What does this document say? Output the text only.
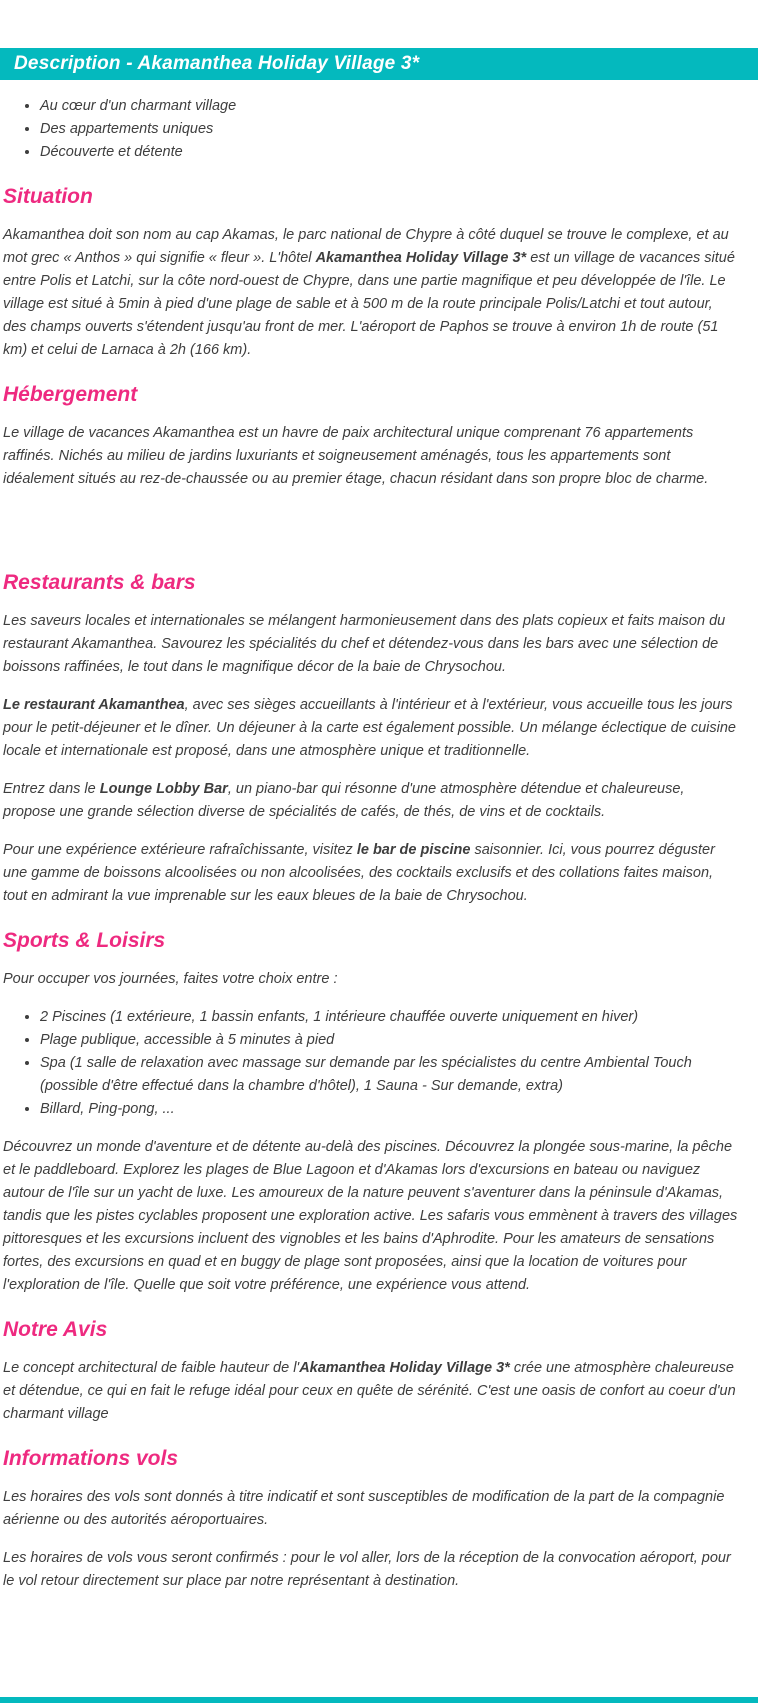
Description - Akamanthea Holiday Village 3*
• Au cœur d'un charmant village
• Des appartements uniques
• Découverte et détente
Situation

Akamanthea doit son nom au cap Akamas, le parc national de Chypre à côté duquel se trouve le complexe, et au mot grec « Anthos » qui signifie « fleur ». L'hôtel Akamanthea Holiday Village 3* est un village de vacances situé entre Polis et Latchi, sur la côte nord-ouest de Chypre, dans une partie magnifique et peu développée de l'île. Le village est situé à 5min à pied d'une plage de sable et à 500 m de la route principale Polis/Latchi et tout autour, des champs ouverts s'étendent jusqu'au front de mer. L'aéroport de Paphos se trouve à environ 1h de route (51 km) et celui de Larnaca à 2h (166 km).

Hébergement

Le village de vacances Akamanthea est un havre de paix architectural unique comprenant 76 appartements raffinés. Nichés au milieu de jardins luxuriants et soigneusement aménagés, tous les appartements sont idéalement situés au rez-de-chaussée ou au premier étage, chacun résidant dans son propre bloc de charme.

Restaurants & bars

Les saveurs locales et internationales se mélangent harmonieusement dans des plats copieux et faits maison du restaurant Akamanthea. Savourez les spécialités du chef et détendez-vous dans les bars avec une sélection de boissons raffinées, le tout dans le magnifique décor de la baie de Chrysochou.

Le restaurant Akamanthea, avec ses sièges accueillants à l'intérieur et à l'extérieur, vous accueille tous les jours pour le petit-déjeuner et le dîner. Un déjeuner à la carte est également possible. Un mélange éclectique de cuisine locale et internationale est proposé, dans une atmosphère unique et traditionnelle.

Entrez dans le Lounge Lobby Bar, un piano-bar qui résonne d'une atmosphère détendue et chaleureuse, propose une grande sélection diverse de spécialités de cafés, de thés, de vins et de cocktails.

Pour une expérience extérieure rafraîchissante, visitez le bar de piscine saisonnier. Ici, vous pourrez déguster une gamme de boissons alcoolisées ou non alcoolisées, des cocktails exclusifs et des collations faites maison, tout en admirant la vue imprenable sur les eaux bleues de la baie de Chrysochou.

Sports & Loisirs

Pour occuper vos journées, faites votre choix entre :

• 2 Piscines (1 extérieure, 1 bassin enfants, 1 intérieure chauffée ouverte uniquement en hiver)
• Plage publique, accessible à 5 minutes à pied
• Spa (1 salle de relaxation avec massage sur demande par les spécialistes du centre Ambiental Touch (possible d'être effectué dans la chambre d'hôtel), 1 Sauna - Sur demande, extra)
• Billard, Ping-pong, ...

Découvrez un monde d'aventure et de détente au-delà des piscines. Découvrez la plongée sous-marine, la pêche et le paddleboard. Explorez les plages de Blue Lagoon et d'Akamas lors d'excursions en bateau ou naviguez autour de l'île sur un yacht de luxe. Les amoureux de la nature peuvent s'aventurer dans la péninsule d'Akamas, tandis que les pistes cyclables proposent une exploration active. Les safaris vous emmènent à travers des villages pittoresques et les excursions incluent des vignobles et les bains d'Aphrodite. Pour les amateurs de sensations fortes, des excursions en quad et en buggy de plage sont proposées, ainsi que la location de voitures pour l'exploration de l'île. Quelle que soit votre préférence, une expérience vous attend.

Notre Avis

Le concept architectural de faible hauteur de l'Akamanthea Holiday Village 3* crée une atmosphère chaleureuse et détendue, ce qui en fait le refuge idéal pour ceux en quête de sérénité. C'est une oasis de confort au coeur d'un charmant village

Informations vols

Les horaires des vols sont donnés à titre indicatif et sont susceptibles de modification de la part de la compagnie aérienne ou des autorités aéroportuaires.

Les horaires de vols vous seront confirmés : pour le vol aller, lors de la réception de la convocation aéroport, pour le vol retour directement sur place par notre représentant à destination.
